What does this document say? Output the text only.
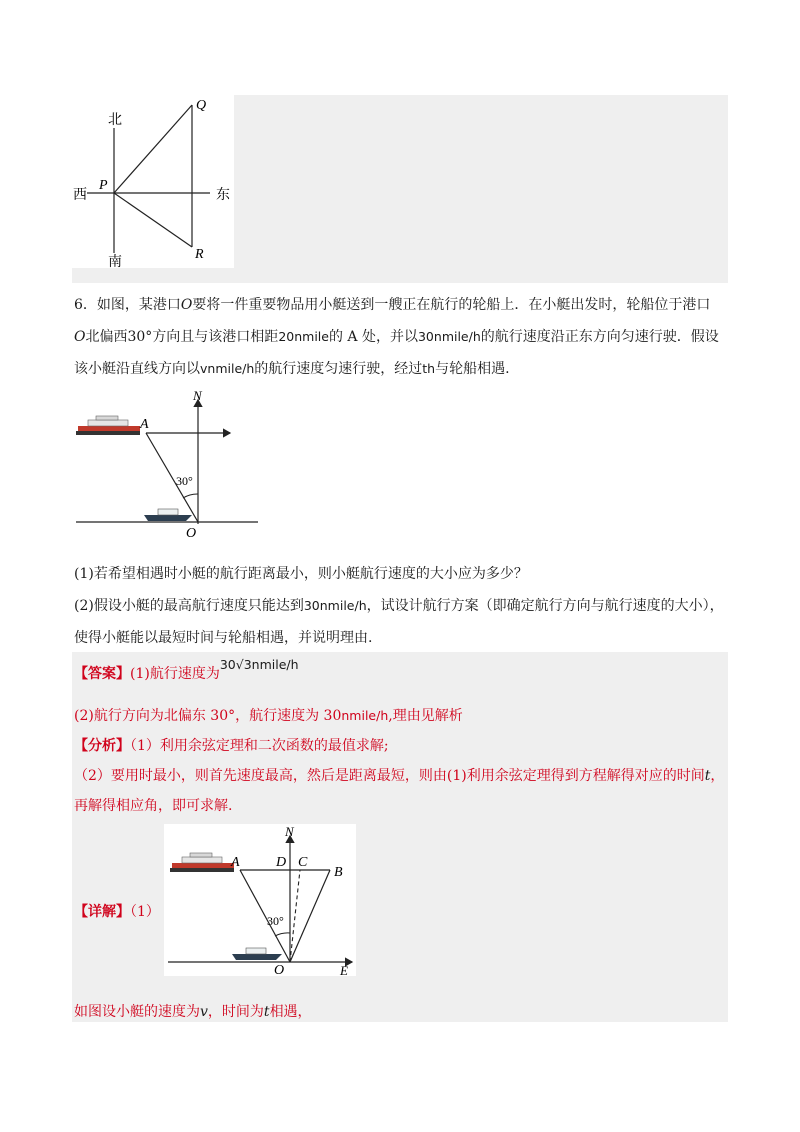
北
南
西	东
P
Q
R
6．如图，某港口O要将一件重要物品用小艇送到一艘正在航行的轮船上．在小艇出发时，轮船位于港口
O北偏西30°方向且与该港口相距20nmile的 A 处，并以30nmile/h的航行速度沿正东方向匀速行驶．假设
该小艇沿直线方向以vnmile/h的航行速度匀速行驶，经过th与轮船相遇.
N
A
O
30°
(1)若希望相遇时小艇的航行距离最小，则小艇航行速度的大小应为多少？
(2)假设小艇的最高航行速度只能达到30nmile/h，试设计航行方案（即确定航行方向与航行速度的大小），
使得小艇能以最短时间与轮船相遇，并说明理由.
【答案】(1)航行速度为30√3nmile/h
(2)航行方向为北偏东 30°，航行速度为 30nmile/h,理由见解析
【分析】（1）利用余弦定理和二次函数的最值求解;
（2）要用时最小，则首先速度最高，然后是距离最短，则由(1)利用余弦定理得到方程解得对应的时间t，
再解得相应角，即可求解.
N
A	D C
B
O	E
30°
【详解】（1）
如图设小艇的速度为v，时间为t相遇，
